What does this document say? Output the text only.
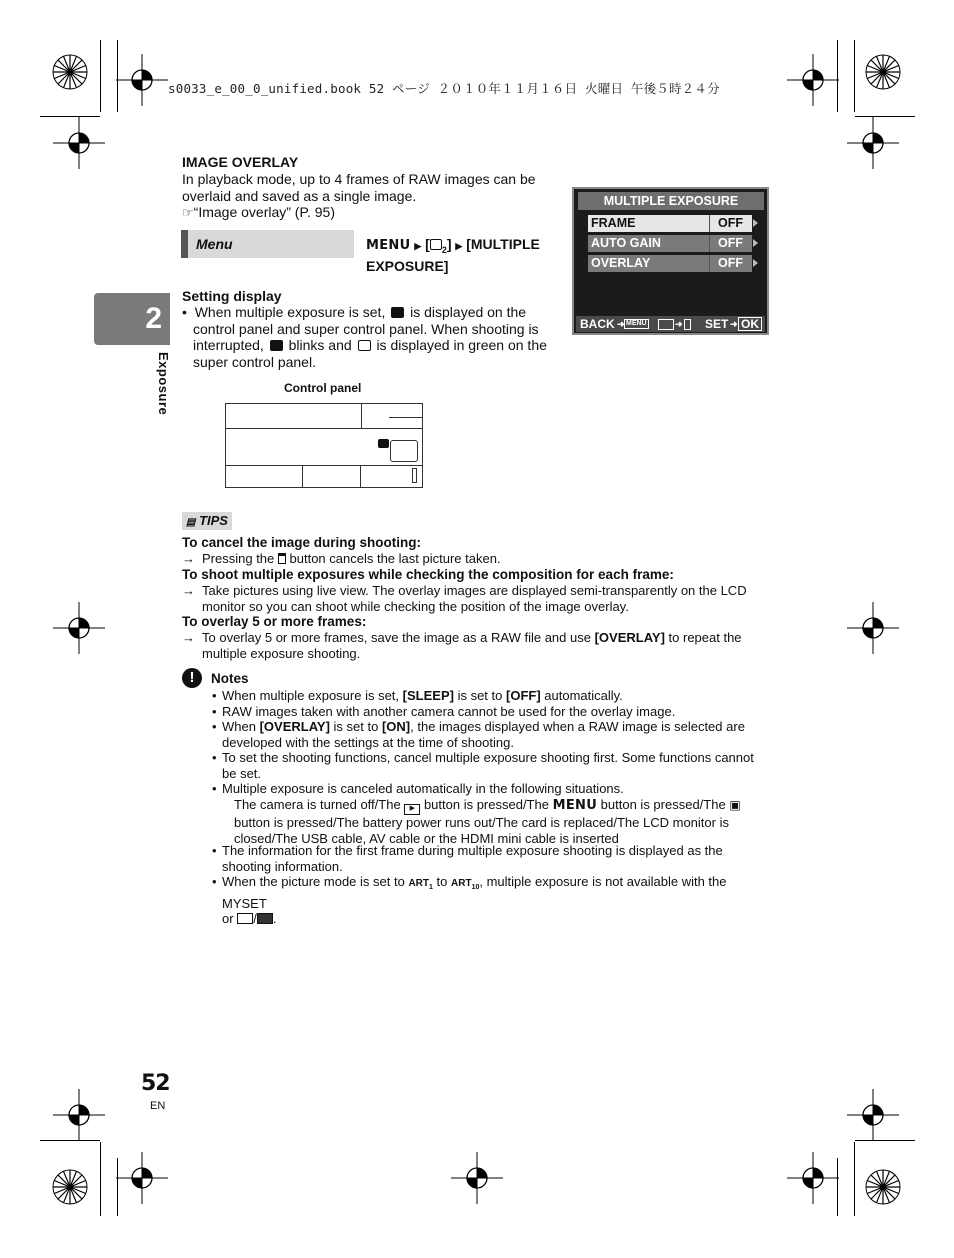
s0033_e_00_0_unified.book 52 ページ ２０１０年１１月１６日 火曜日 午後５時２４分
IMAGE OVERLAY
In playback mode, up to 4 frames of RAW images can be
overlaid and saved as a single image.
☞“Image overlay” (P. 95)
Menu	MENU ▶ [ $_2$] ▶ [MULTIPLE
EXPOSURE]
MULTIPLE EXPOSURE
FRAME	OFF
AUTO GAIN	OFF
OVERLAY	OFF
BACK ➜ MENU	➜ SET ➜ OK
2
Exposure
Setting display
• When multiple exposure is set, is displayed on the
control panel and super control panel. When shooting is
interrupted, blinks and is displayed in green on the
super control panel.
Control panel
▤ TIPS
To cancel the image during shooting:
→ Pressing the button cancels the last picture taken.
To shoot multiple exposures while checking the composition for each frame:
→ Take pictures using live view. The overlay images are displayed semi-transparently on the LCD
monitor so you can shoot while checking the position of the image overlay.
To overlay 5 or more frames:
→ To overlay 5 or more frames, save the image as a RAW file and use [OVERLAY] to repeat the
multiple exposure shooting.
!	Notes
• When multiple exposure is set, [SLEEP] is set to [OFF] automatically.
• RAW images taken with another camera cannot be used for the overlay image.
• When [OVERLAY] is set to [ON], the images displayed when a RAW image is selected are
developed with the settings at the time of shooting.
• To set the shooting functions, cancel multiple exposure shooting first. Some functions cannot
be set.
• Multiple exposure is canceled automatically in the following situations.
The camera is turned off/The ▶ button is pressed/The MENU button is pressed/The ▣
button is pressed/The battery power runs out/The card is replaced/The LCD monitor is
closed/The USB cable, AV cable or the HDMI mini cable is inserted
• The information for the first frame during multiple exposure shooting is displayed as the
shooting information.
• When the picture mode is set to $ART_1$ to $ART_{10}$, multiple exposure is not available with the MYSET
or / .
52
EN
